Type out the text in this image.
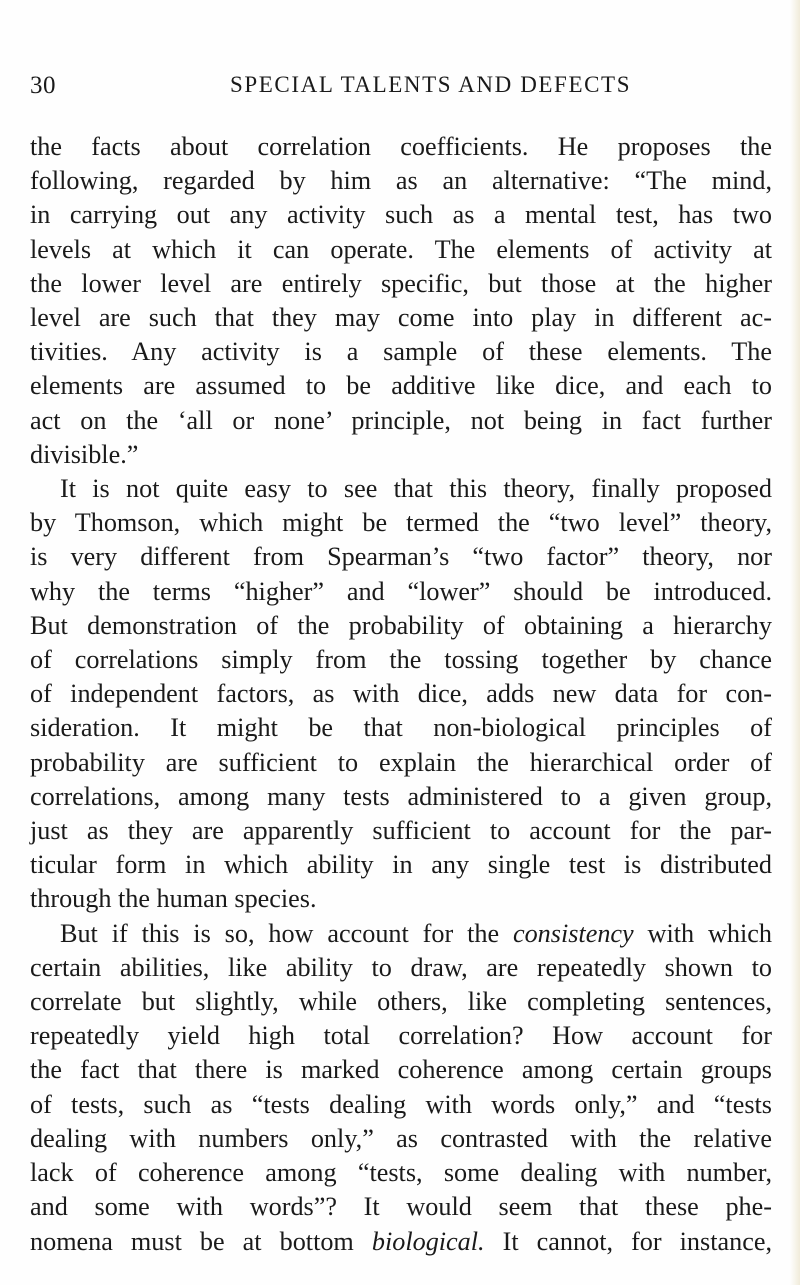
30	SPECIAL TALENTS AND DEFECTS

the facts about correlation coefficients. He proposes the
following, regarded by him as an alternative: “The mind,
in carrying out any activity such as a mental test, has two
levels at which it can operate. The elements of activity at
the lower level are entirely specific, but those at the higher
level are such that they may come into play in different ac-
tivities. Any activity is a sample of these elements. The
elements are assumed to be additive like dice, and each to
act on the ‘all or none’ principle, not being in fact further
divisible.”

It is not quite easy to see that this theory, finally proposed
by Thomson, which might be termed the “two level” theory,
is very different from Spearman’s “two factor” theory, nor
why the terms “higher” and “lower” should be introduced.
But demonstration of the probability of obtaining a hierarchy
of correlations simply from the tossing together by chance
of independent factors, as with dice, adds new data for con-
sideration. It might be that non-biological principles of
probability are sufficient to explain the hierarchical order of
correlations, among many tests administered to a given group,
just as they are apparently sufficient to account for the par-
ticular form in which ability in any single test is distributed
through the human species.

But if this is so, how account for the consistency with which
certain abilities, like ability to draw, are repeatedly shown to
correlate but slightly, while others, like completing sentences,
repeatedly yield high total correlation? How account for
the fact that there is marked coherence among certain groups
of tests, such as “tests dealing with words only,” and “tests
dealing with numbers only,” as contrasted with the relative
lack of coherence among “tests, some dealing with number,
and some with words”? It would seem that these phe-
nomena must be at bottom biological. It cannot, for instance,
